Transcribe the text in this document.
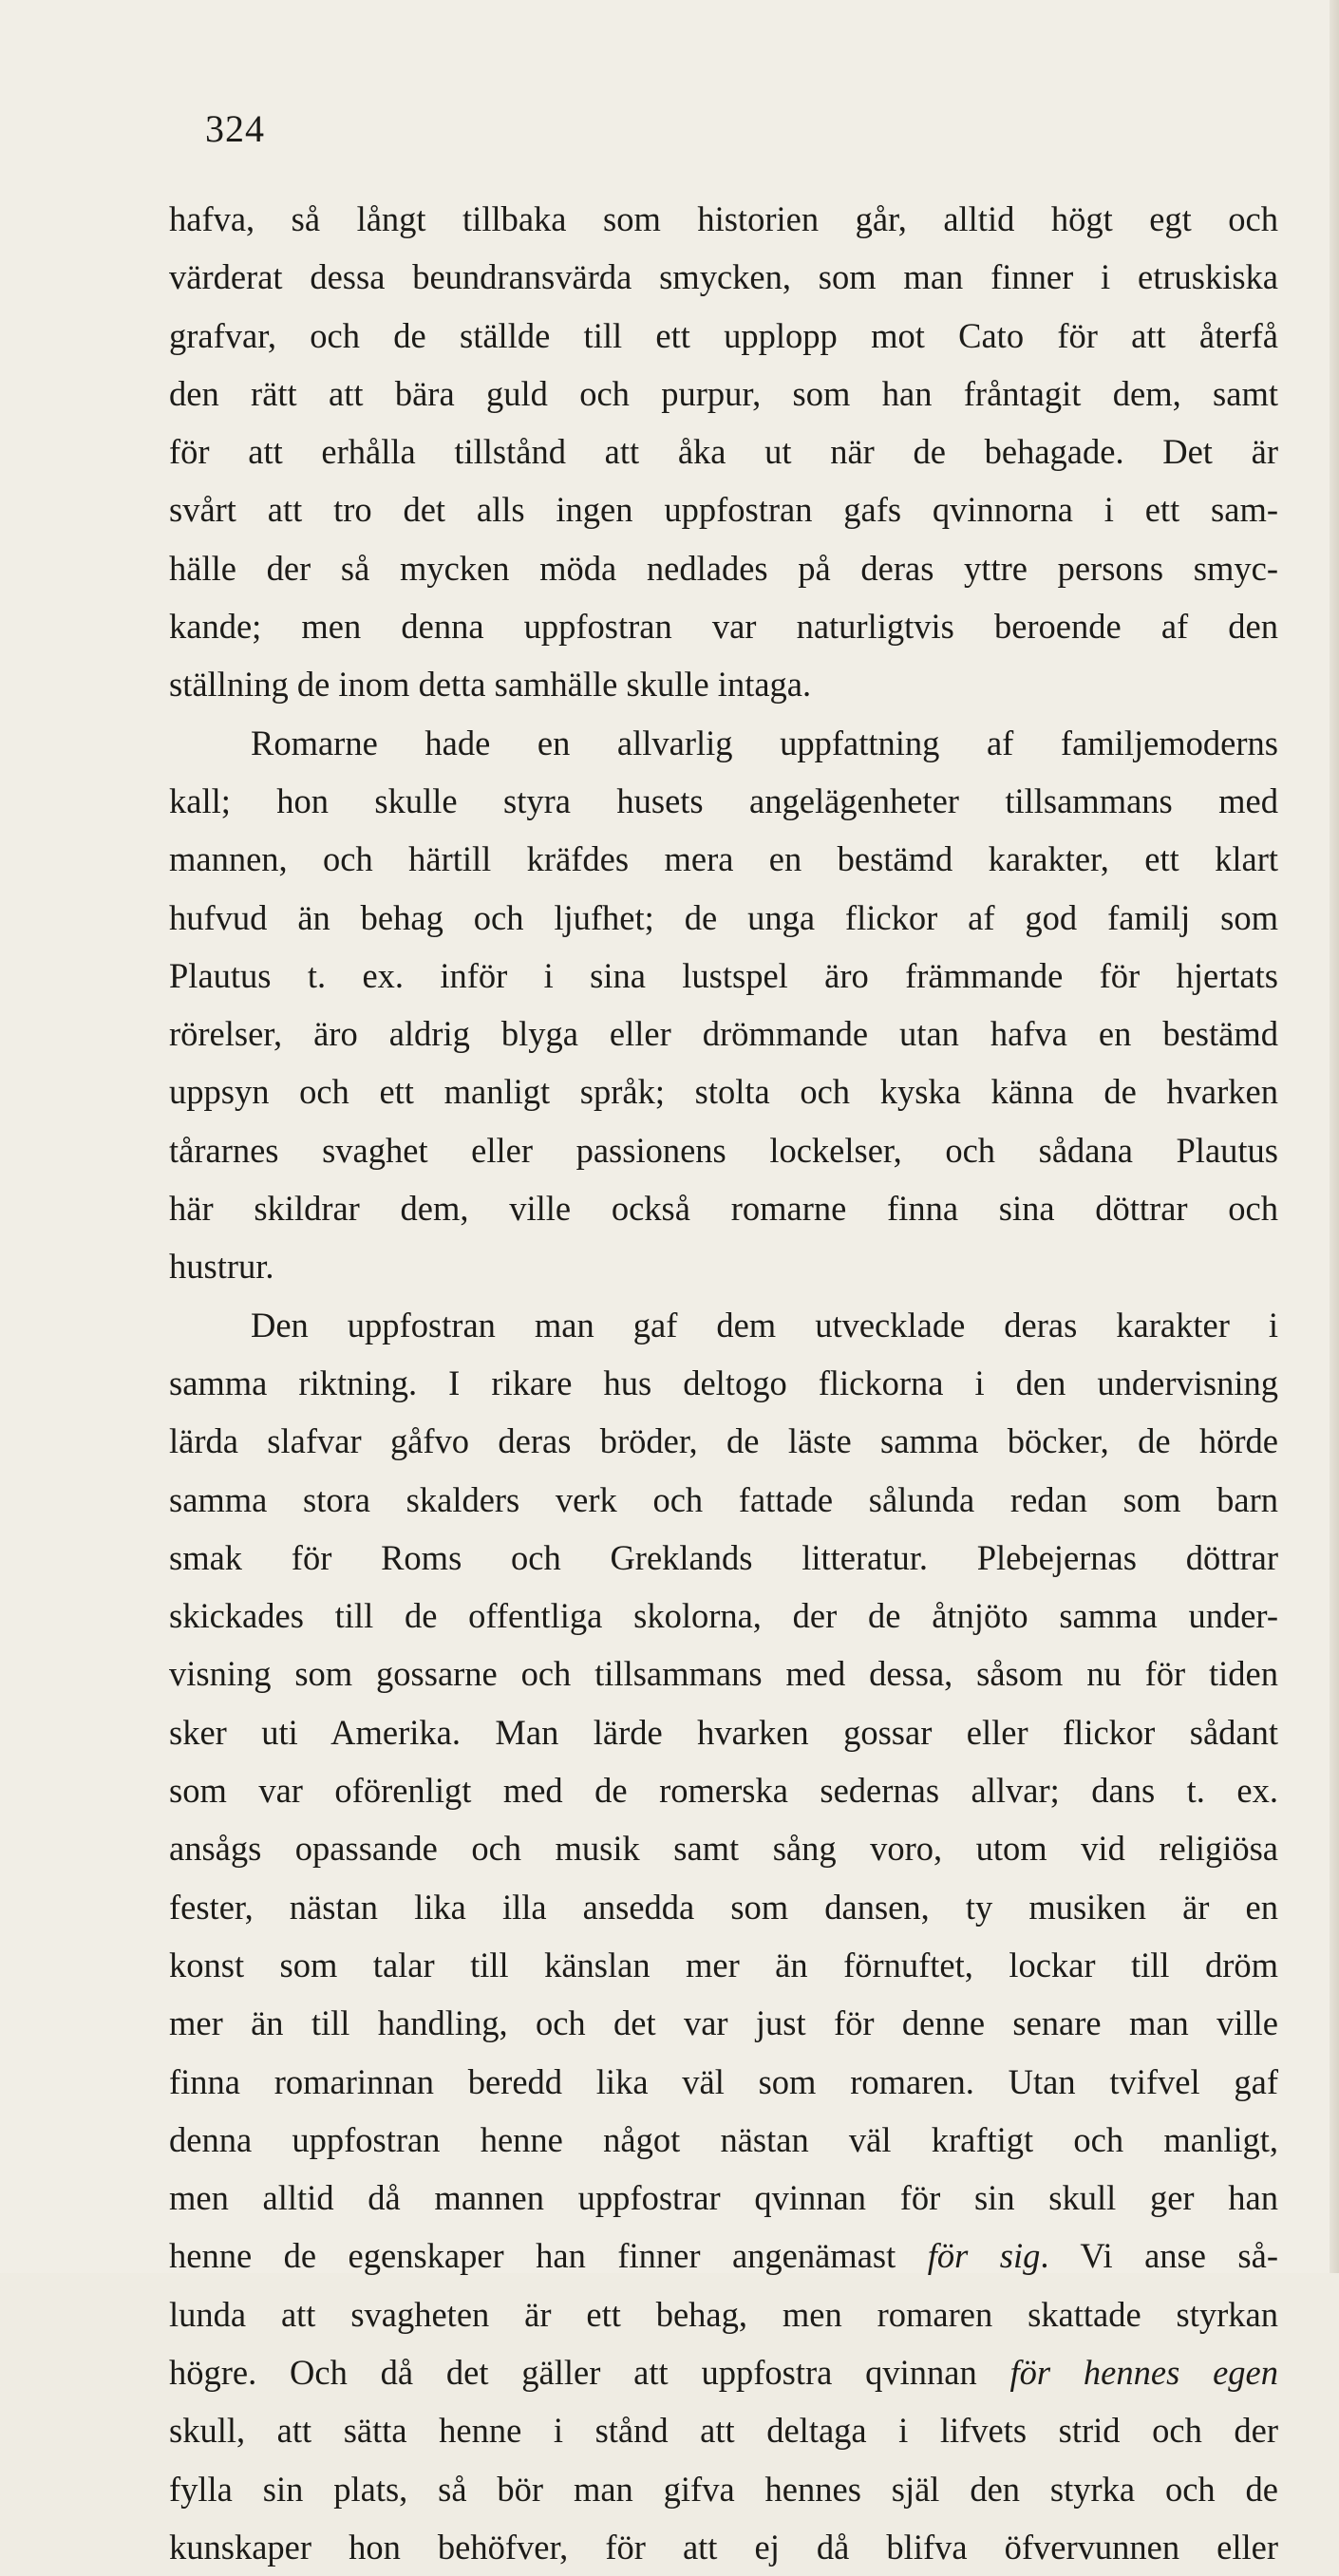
324
hafva, så långt tillbaka som historien går, alltid högt egt och
värderat dessa beundransvärda smycken, som man finner i etruskiska
grafvar, och de ställde till ett upplopp mot Cato för att återfå
den rätt att bära guld och purpur, som han fråntagit dem, samt
för att erhålla tillstånd att åka ut när de behagade. Det är
svårt att tro det alls ingen uppfostran gafs qvinnorna i ett sam-
hälle der så mycken möda nedlades på deras yttre persons smyc-
kande; men denna uppfostran var naturligtvis beroende af den
ställning de inom detta samhälle skulle intaga.
Romarne hade en allvarlig uppfattning af familjemoderns
kall; hon skulle styra husets angelägenheter tillsammans med
mannen, och härtill kräfdes mera en bestämd karakter, ett klart
hufvud än behag och ljufhet; de unga flickor af god familj som
Plautus t. ex. inför i sina lustspel äro främmande för hjertats
rörelser, äro aldrig blyga eller drömmande utan hafva en bestämd
uppsyn och ett manligt språk; stolta och kyska känna de hvarken
tårarnes svaghet eller passionens lockelser, och sådana Plautus
här skildrar dem, ville också romarne finna sina döttrar och
hustrur.
Den uppfostran man gaf dem utvecklade deras karakter i
samma riktning. I rikare hus deltogo flickorna i den undervisning
lärda slafvar gåfvo deras bröder, de läste samma böcker, de hörde
samma stora skalders verk och fattade sålunda redan som barn
smak för Roms och Greklands litteratur. Plebejernas döttrar
skickades till de offentliga skolorna, der de åtnjöto samma under-
visning som gossarne och tillsammans med dessa, såsom nu för tiden
sker uti Amerika. Man lärde hvarken gossar eller flickor sådant
som var oförenligt med de romerska sedernas allvar; dans t. ex.
ansågs opassande och musik samt sång voro, utom vid religiösa
fester, nästan lika illa ansedda som dansen, ty musiken är en
konst som talar till känslan mer än förnuftet, lockar till dröm
mer än till handling, och det var just för denne senare man ville
finna romarinnan beredd lika väl som romaren. Utan tvifvel gaf
denna uppfostran henne något nästan väl kraftigt och manligt,
men alltid då mannen uppfostrar qvinnan för sin skull ger han
henne de egenskaper han finner angenämast för sig. Vi anse så-
lunda att svagheten är ett behag, men romaren skattade styrkan
högre. Och då det gäller att uppfostra qvinnan för hennes egen
skull, att sätta henne i stånd att deltaga i lifvets strid och der
fylla sin plats, så bör man gifva hennes själ den styrka och de
kunskaper hon behöfver, för att ej då blifva öfvervunnen eller
